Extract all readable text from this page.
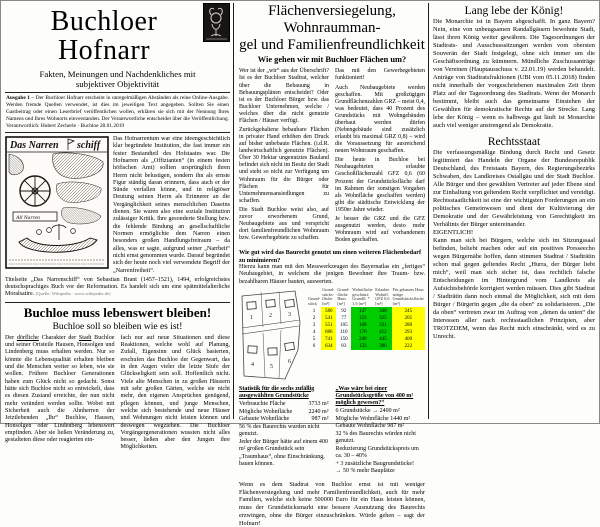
Buchloer Hofnarr
Fakten, Meinungen und Nachdenkliches mit
subjektiver Objektivität
Ausgabe 1 – Der Buchloer Hofnarr erscheint in unregelmäßigen Abständen als reine Online-Ausgabe. Werden fremde Quellen verwendet, ist dies im jeweiligen Text angegeben. Sollten Sie einen Gastbeitrag oder einen Leserbrief veröffentlichen wollen, erklären sie sich mit der Nennung Ihres Namens und Ihres Wohnorts einverstanden. Der Verantwortliche entscheidet über die Veröffentlichung. Verantwortlich: Hubert Zecherle · Buchloe 28.01.2019
Das Narren schiff
All Narren
Das Hofnarrentum war eine ideengeschichtlich klar begründete Institution, die fast immer ein fester Bestandteil des Hofstaates war. Die Hofnarren als „Offizianten“ (in einem festen höfischen Amt) sollten ursprünglich ihren Herrn nicht belustigen, sondern ihn als ernste Figur ständig daran erinnern, dass auch er der Sünde verfallen könne, und in religiöser Deutung seinen Herrn als Erinnerer an die Vergänglichkeit seines menschlichen Daseins dienen. Sie waren also eine soziale Institution zulässiger Kritik. Ihre gesonderte Stellung bzw. die fehlende Bindung an gesellschaftliche Normen ermöglichte dem Narren einen besonders großen Handlungsfreiraum – da alles, was er sagte, aufgrund seiner „Narrheit“ nicht ernst genommen wurde. Darauf begründet sich der heute noch viel verwendete Begriff der „Narrenfreiheit“.
Titelseite „Das Narrenschiff“ von Sebastian Brant (1457–1521), 1494, erfolgreichstes deutschsprachiges Buch vor der Reformation. Es handelt sich um eine spätmittelalterliche Moralsatire. (Quelle: Wikipedia · www.wikipedia.de)
Buchloe muss lebenswert bleiben!
Buchloe soll so bleiben wie es ist!
Der dörfliche Charakter der Stadt Buchloe und seiner Ortsteile Hausen, Honsolgen und Lindenberg muss erhalten werden. Nur so könnte die Lebensqualität erhalten bleiben und die Menschen weiter so leben, wie sie wollen. Frühere Buchloer Generationen haben zum Glück nicht so gedacht. Sonst hätte sich Buchloe nicht so entwickelt, dass es diesen Zustand erreichte, der nun nicht mehr verändert werden sollte. Wobei mit Sicherheit auch die Ahnherren der Jetztlebenden „Ihr“ Buchloe, Hausen, Honsolgen oder Lindenberg lebenswert empfinden. Aber sie ließen Veränderung zu, gestalteten diese oder reagierten ein-
fach nur auf neue Situationen und diese Reaktionen, welche wohl auf Planung, Zufall, Eigensinn und Glück basierten, erschufen das Buchloe der Gegenwart, das in den Augen vieler die letzte Stufe der Glückseligkeit sein soll. Hoffentlich nicht. Viele alte Menschen in zu großen Häusern mit sehr großen Gärten, welche sie nicht mehr, den eigenen Ansprüchen genügend, pflegen können, und junge Menschen, welche sich bestehende und neue Häuser und Wohnungen nicht leisten können und deswegen wegziehen. Die Buchloer Vorgängergenerationen wussten nicht alles besser, ließen aber den Jungen ihre Möglichkeiten.
Flächenversiegelung, Wohnraumman-
gel und Familienfreundlichkeit
Wie gehen wir mit Buchloer Flächen um?

Wer ist der „wir“ aus der Überschrift? Ist es der Buchloer Stadtrat, welcher über die Bebauung in Bebauungsplänen entscheidet? Oder ist es der Buchloer Bürger bzw. das Buchloer Unternehmen, welche / welches über die nicht genutzte Flächen / Häuser verfügt.

Zurückgehaltene bebaubare Flächen in privater Hand erhöhen den Druck auf bisher unbebaute Flächen. (i.d.R. landwirtschaftlich genutzte Flächen). Über 30 Hektar ungenutztes Bauland befindet sich nicht im Besitz der Stadt und steht so nicht zur Verfügung um Wohnraum für die Bürger oder Flächen für Unternehmensansiedlungen zu schaffen.

Die Stadt Buchloe weist also, auf zuvor erworbenem Grund, Neubaugebiete aus und verspricht dort familienfreundlichen Wohnraum bzw. Gewerbegebiete zu schaffen.

Das mit den Gewerbegebieten funktioniert!

Auch Neubaugebiete werden geschaffen. Mit großzügigen Grundflächenzahlen GRZ – meist 0,4, was bedeutet, dass 40 Prozent des Grundstücks mit Wohngebäuden überbaut werden dürfen (Nebengebäude sind zusätzlich erlaubt bis maximal GRZ 0,8) – wird die Voraussetzung für ausreichend neuen Wohnraum geschaffen.

Die heute in Buchloe bei Neubaugebieten erlaubte Geschoßflächenzahl GFZ 0,6 (60 Prozent der Grundstücksfläche darf im Rahmen der sonstigen Vorgaben als Wohnfläche geschaffen werden) gibt die städtische Entwicklung der 1950er Jahre wieder.

Je besser die GRZ und die GFZ ausgenutzt werden, desto mehr Wohnraum wird auf vorhandenem Boden geschaffen.

Wie gut wird das Baurecht genutzt um einen weiteren Flächenbedarf zu minimieren?
Hierzu kann man mit den Messwerkzeugen des Bayernatlas ein „fertiges“ Neubaugebiet, in welchem die jenigen Bewohner ihre Traum- bzw. bezahlbaren Häuser bauten, auswerten.
1	2	3
4	5
6
Grundstück	Grundstücksfläche [m²]	Grundfläche Haus [m²]	Wohnfläche geschätzt: Grundfl. * 1,6 [m²]	Erlaubte Wohnfl. GFZ 0,6 [m²]	Für gebautes Haus nötige Grundstücksfläche [m²]
1	580	92	147	348	245
2	541	77	123	325	205
3	551	105	168	331	280
4	686	110	176	412	293
5	741	150	240	445	400
6	634	83	133	380	222
Statistik für die sechs zufällig ausgewählten Grundstücke
Verbrauchte Fläche	3733 m²
Mögliche Wohnfläche	2240 m²
Gebaute Wohnfläche	987 m²
56 % des Baurechts wurden nicht genutzt.
Jeder der Bürger hätte auf einem 400 m² großen Grundstück sein „Traumhaus“, ohne Einschränkung, bauen können.
„Was wäre bei einer Grundstücksgröße von 400 m² möglich gewesen?“
6 Grundstücke → 2400 m²
Mögliche Wohnfläche 1440 m²
Gebaute Wohnfläche 987 m²
32 % des Baurechts würden nicht genutzt.
Reduzierung Grundstückspreis um ca. 30 – 40%
+ 3 zusätzliche Baugrundstücke!
→ 50 % mehr Bauplätze
Wenn es dem Stadtrat von Buchloe ernst ist mit weniger Flächenversiegelung und mehr Familienfreundlichkeit, auch für mehr Familien, welche sich keine 500000 Euro für ein Haus leisten können, muss der Grundstücksmarkt eine bessere Ausnutzung des Baurechts erzwingen, ohne die Bürger einzuschränken. Würde gehen – sagt der Hofnarr!
Lang lebe der König!
Die Monarchie ist in Bayern abgeschafft. In ganz Bayern? Nein, eine von unbeugsamen Randallgäuern bewohnte Stadt, lässt ihren König weiter gewähren. Die Tagesordnungen der Stadtrats- und Ausschusssitzungen werden vom obersten Souverän der Stadt festgelegt, ohne sich immer um die Geschäftsordnung zu kümmern. Mündliche Zuschussanträge von Vereinen (Hauptausschuss v. 22.01.19) werden behandelt. Anträge von Stadtratsfraktionen (UBI vom 05.11.2018) finden nicht innerhalb der vorgeschriebenen maximalen Zeit ihren Platz auf der Tagesordnung des Stadtrats. Wenn der Monarch bestimmt, bleibt auch das gemeinsame Einstehen der Gewählten für demokratische Rechte auf der Strecke. Lang lebe der König – wenn es halbwegs gut läuft ist Monarchie auch viel weniger anstrengend als Demokratie.
Rechtsstaat
Die verfassungsmäßige Bindung durch Recht und Gesetz legitimiert das Handeln der Organe der Bundesrepublik Deutschland, des Freistaats Bayern, des Regierungsbezirks Schwaben, des Landkreises Ostallgäu und der Stadt Buchloe. Alle Bürger und ihre gewählten Vertreter auf jeder Ebene sind zur Einhaltung von geltendem Recht verpflichtet und vereidigt. Rechtsstaatlichkeit ist eine der wichtigsten Forderungen an ein politisches Gemeinwesen und dient der Kultivierung der Demokratie und der Gewährleistung von Gerechtigkeit im Verhältnis der Bürger untereinander.
EIGENTLICH!
Kann man sich bei Bürgern, welche sich im Sitzungssaal befinden, beliebt machen oder auf ein positives Presseecho wegen Bürgernähe hoffen, dann stimmen Stadtrat / Stadträtin schon mal gegen geltendes Recht „Hurra, der Bürger liebt mich“, weil man sich sicher ist, dass rechtlich falsche Entscheidungen im Hintergrund vom Landkreis als Aufsichtsbehörde korrigiert werden müssen. Dies gibt Stadtrat / Stadträtin dann noch einmal die Möglichkeit, sich mit dem Bürger / Bürgerin gegen „die da oben“ zu solidarisieren. „Die da oben“ vertreten zwar im Auftrag von „denen da unten“ die Interessen aller nach rechtsstaatlichen Prinzipien, aber TROTZDEM, wenn das Recht mich einschränkt, wird es zu Unrecht.
